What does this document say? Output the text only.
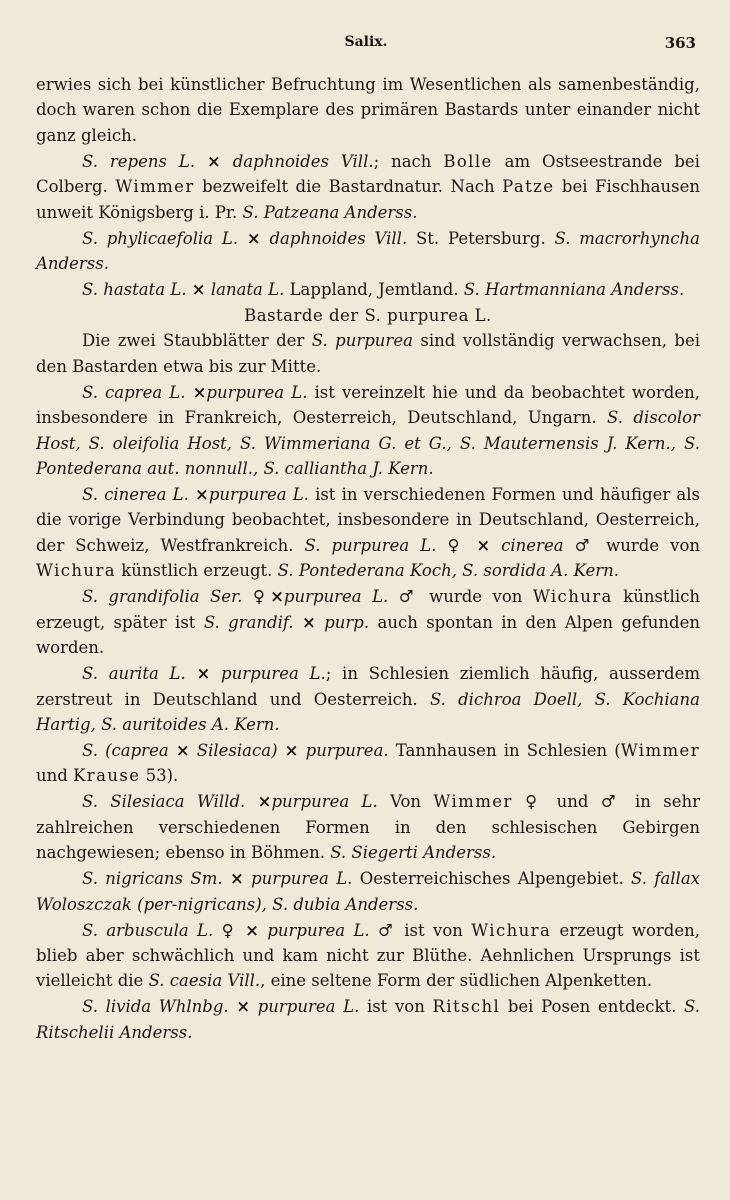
Salix.	363

erwies sich bei künstlicher Befruchtung im Wesentlichen als samenbeständig, doch waren schon die Exemplare des primären Bastards unter einander nicht ganz gleich.

S. repens L. × daphnoides Vill.; nach Bolle am Ostseestrande bei Colberg. Wimmer bezweifelt die Bastardnatur. Nach Patze bei Fischhausen unweit Königsberg i. Pr. S. Patzeana Anderss.

S. phylicaefolia L. × daphnoides Vill. St. Petersburg. S. macrorhyncha Anderss.

S. hastata L. × lanata L. Lappland, Jemtland. S. Hartmanniana Anderss.

Bastarde der S. purpurea L.

Die zwei Staubblätter der S. purpurea sind vollständig verwachsen, bei den Bastarden etwa bis zur Mitte.

S. caprea L. ×purpurea L. ist vereinzelt hie und da beobachtet worden, insbesondere in Frankreich, Oesterreich, Deutschland, Ungarn. S. discolor Host, S. oleifolia Host, S. Wimmeriana G. et G., S. Mauternensis J. Kern., S. Pontederana aut. nonnull., S. calliantha J. Kern.

S. cinerea L. ×purpurea L. ist in verschiedenen Formen und häufiger als die vorige Verbindung beobachtet, insbesondere in Deutschland, Oesterreich, der Schweiz, Westfrankreich. S. purpurea L. ♀ × cinerea ♂ wurde von Wichura künstlich erzeugt. S. Pontederana Koch, S. sordida A. Kern.

S. grandifolia Ser. ♀×purpurea L. ♂ wurde von Wichura künstlich erzeugt, später ist S. grandif. × purp. auch spontan in den Alpen gefunden worden.

S. aurita L. × purpurea L.; in Schlesien ziemlich häufig, ausserdem zerstreut in Deutschland und Oesterreich. S. dichroa Doell, S. Kochiana Hartig, S. auritoides A. Kern.

S. (caprea × Silesiaca) × purpurea. Tannhausen in Schlesien (Wimmer und Krause 53).

S. Silesiaca Willd. ×purpurea L. Von Wimmer ♀ und ♂ in sehr zahlreichen verschiedenen Formen in den schlesischen Gebirgen nachgewiesen; ebenso in Böhmen. S. Siegerti Anderss.

S. nigricans Sm. × purpurea L. Oesterreichisches Alpengebiet. S. fallax Woloszczak (per-nigricans), S. dubia Anderss.

S. arbuscula L. ♀ × purpurea L. ♂ ist von Wichura erzeugt worden, blieb aber schwächlich und kam nicht zur Blüthe. Aehnlichen Ursprungs ist vielleicht die S. caesia Vill., eine seltene Form der südlichen Alpenketten.

S. livida Whlnbg. × purpurea L. ist von Ritschl bei Posen entdeckt. S. Ritschelii Anderss.
